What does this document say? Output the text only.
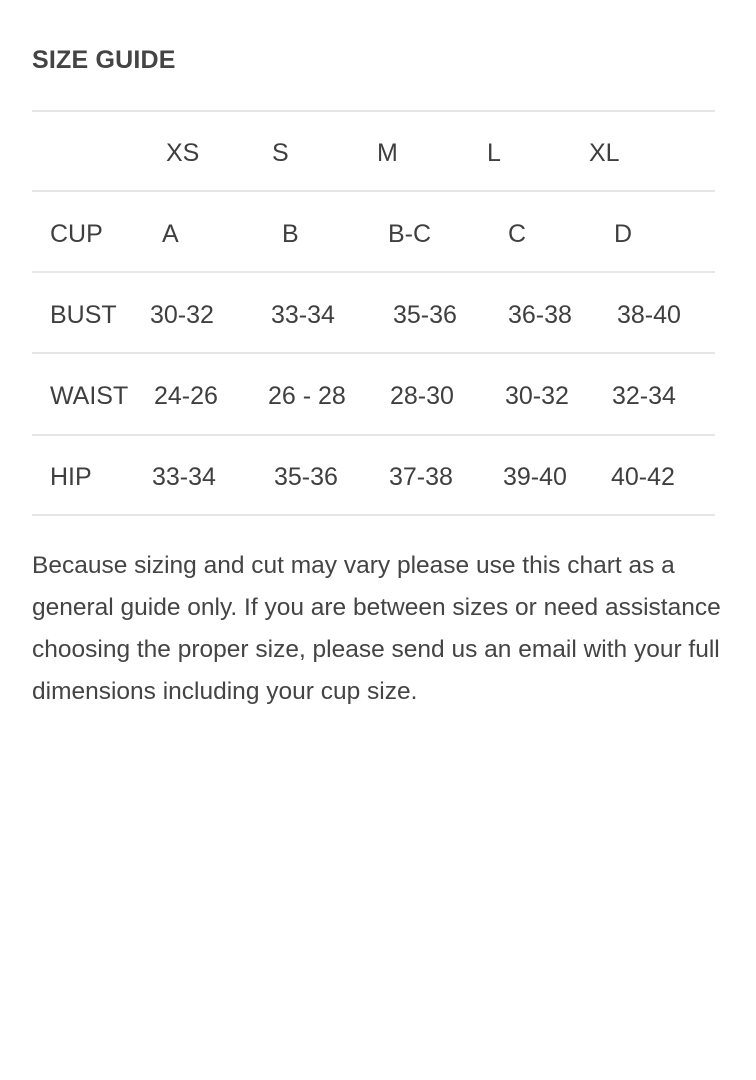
SIZE GUIDE
XS	S	M	L	XL
CUP A	B	B-C	C	D
BUST 30-32 33-34 35-36 36-38 38-40
WAIST 24-26 26 - 28 28-30 30-32 32-34
HIP 33-34 35-36 37-38 39-40 40-42

Because sizing and cut may vary please use this chart as a general guide only. If you are between sizes or need assistance choosing the proper size, please send us an email with your full dimensions including your cup size.
